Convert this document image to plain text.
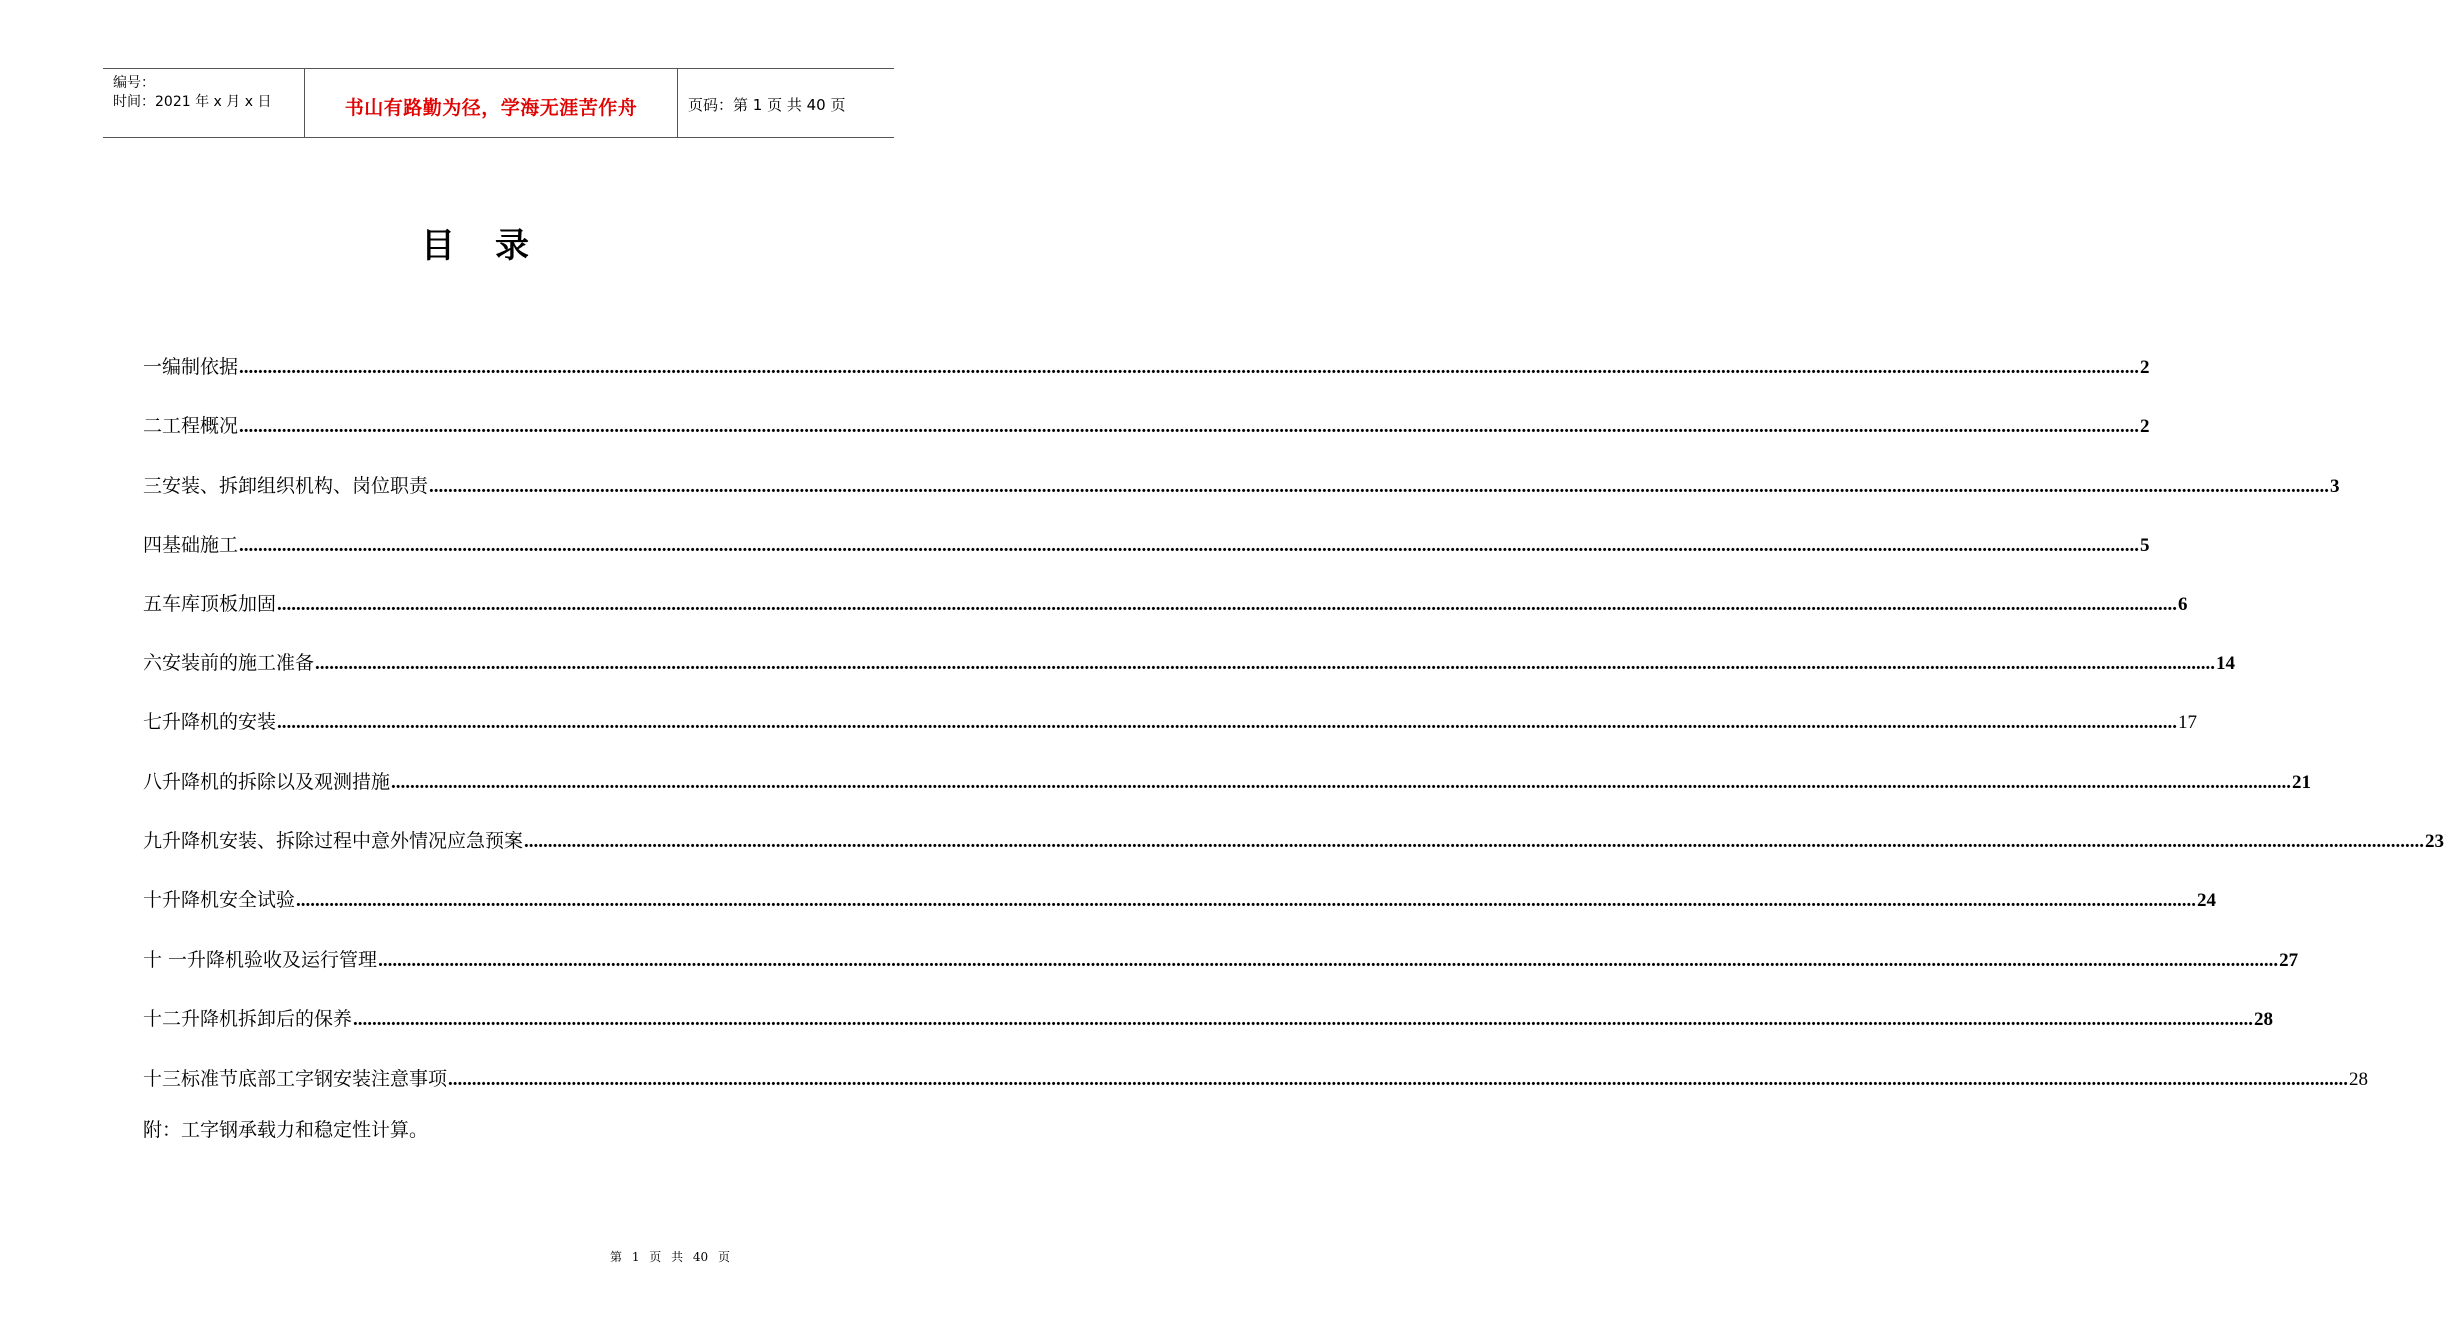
编号：
时间：2021 年 x 月 x 日	书山有路勤为径，学海无涯苦作舟	页码：第 1 页 共 40 页
目录
一 编制依据 ................................................................................................................................................................................................................................................................................................................................................................................................................ 2
二 工程概况 ................................................................................................................................................................................................................................................................................................................................................................................................................ 2
三 安装、拆卸组织机构、岗位职责 ................................................................................................................................................................................................................................................................................................................................................................................................................ 3
四 基础施工 ................................................................................................................................................................................................................................................................................................................................................................................................................ 5
五 车库顶板加固 ................................................................................................................................................................................................................................................................................................................................................................................................................ 6
六 安装前的施工准备 ................................................................................................................................................................................................................................................................................................................................................................................................................ 14
七 升降机的安装 ................................................................................................................................................................................................................................................................................................................................................................................................................ 17
八 升降机的拆除以及观测措施 ................................................................................................................................................................................................................................................................................................................................................................................................................ 21
九 升降机安装、拆除过程中意外情况应急预案 ................................................................................................................................................................................................................................................................................................................................................................................................................ 23
十 升降机安全试验 ................................................................................................................................................................................................................................................................................................................................................................................................................ 24
十 一 升降机验收及运行管理 ................................................................................................................................................................................................................................................................................................................................................................................................................ 27
十二 升降机拆卸后的保养 ................................................................................................................................................................................................................................................................................................................................................................................................................ 28
十三 标准节底部工字钢安装注意事项 ................................................................................................................................................................................................................................................................................................................................................................................................................ 28
附：工字钢承载力和稳定性计算。
第 1 页 共 40 页
